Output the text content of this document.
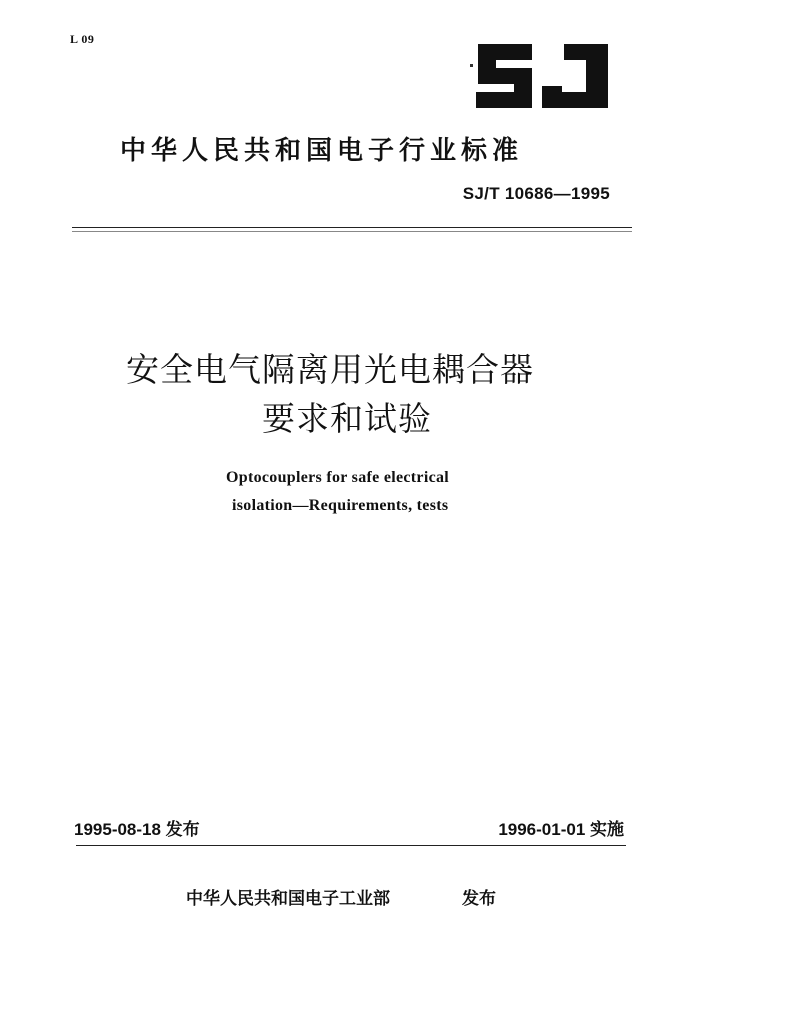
L 09
中华人民共和国电子行业标准
SJ/T 10686—1995
安全电气隔离用光电耦合器
要求和试验
Optocouplers for safe electrical
isolation—Requirements, tests
1995-08-18 发布	1996-01-01 实施
中华人民共和国电子工业部	发布
